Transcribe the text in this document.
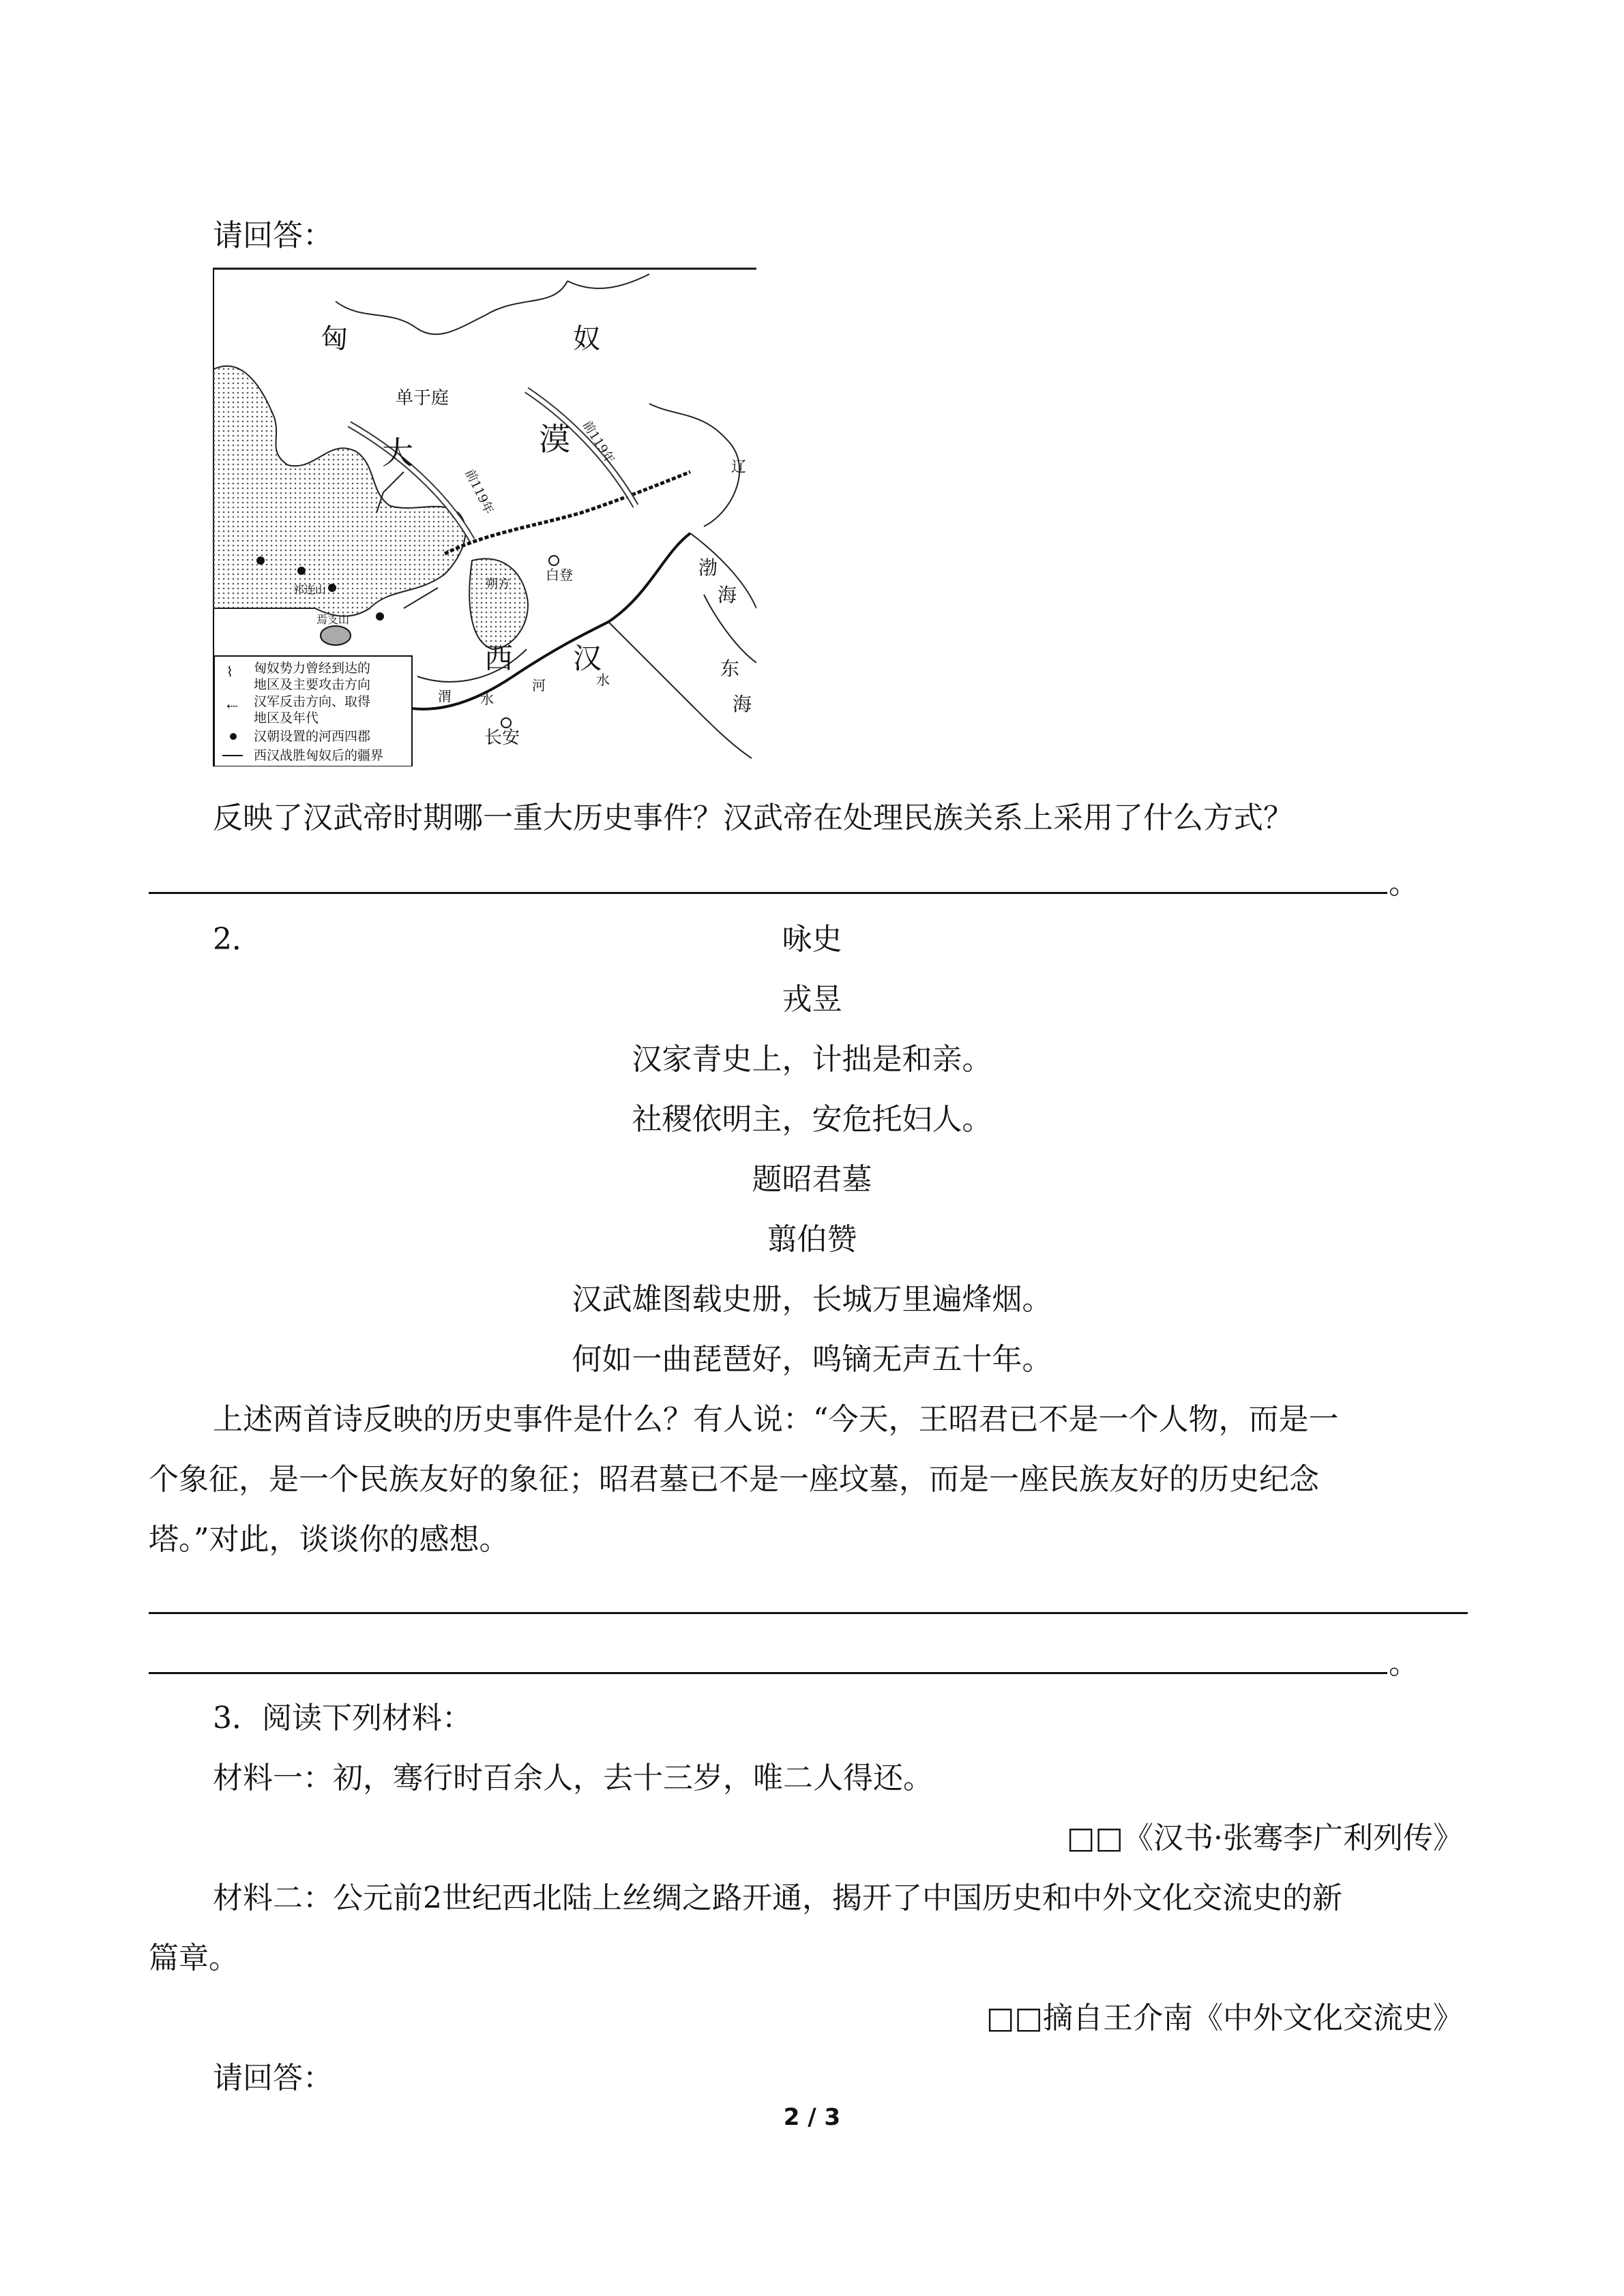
请回答：
⌇
⇠
匈奴势力曾经到达的
地区及主要攻击方向
汉军反击方向、取得
地区及年代
汉朝设置的河西四郡
西汉战胜匈奴后的疆界
匈	奴
单于庭
大	漠 前119年
前119年	辽
渤
海
东
海
西 汉
河	水
渭 水
长安
白登
朔方
祁连山
焉支山
反映了汉武帝时期哪一重大历史事件？汉武帝在处理民族关系上采用了什么方式？
。
2．	咏史
戎昱
汉家青史上，计拙是和亲。
社稷依明主，安危托妇人。
题昭君墓
翦伯赞
汉武雄图载史册，长城万里遍烽烟。
何如一曲琵琶好，鸣镝无声五十年。
上述两首诗反映的历史事件是什么？有人说：“今天，王昭君已不是一个人物，而是一
个象征，是一个民族友好的象征；昭君墓已不是一座坟墓，而是一座民族友好的历史纪念
塔。”对此，谈谈你的感想。
。
3．阅读下列材料：
材料一：初，骞行时百余人，去十三岁，唯二人得还。
□□《汉书·张骞李广利列传》
材料二：公元前2世纪西北陆上丝绸之路开通，揭开了中国历史和中外文化交流史的新
篇章。
□□摘自王介南《中外文化交流史》
请回答：
2 / 3
